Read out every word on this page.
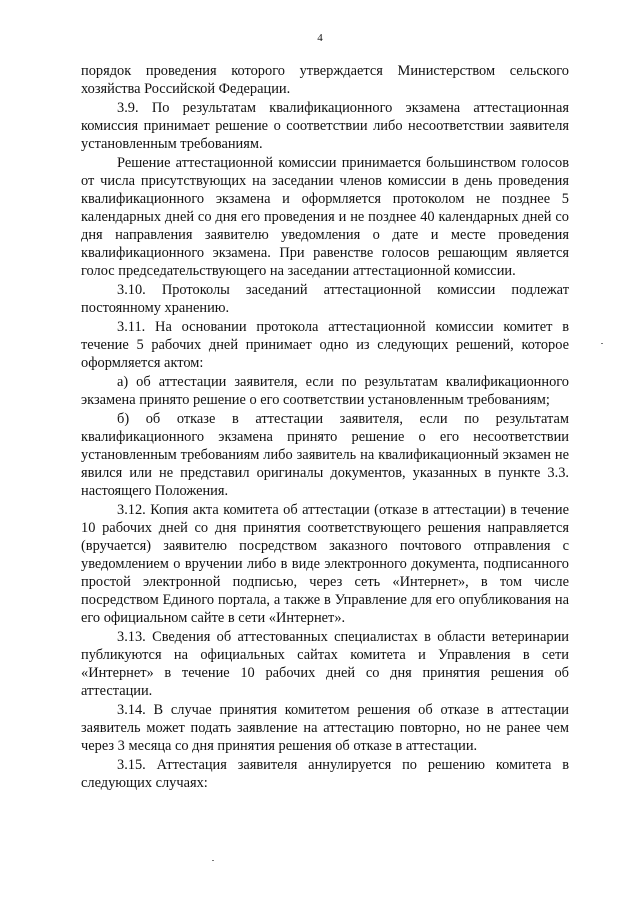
4

порядок проведения которого утверждается Министерством сельского хозяйства Российской Федерации.

3.9. По результатам квалификационного экзамена аттестационная комиссия принимает решение о соответствии либо несоответствии заявителя установленным требованиям.

Решение аттестационной комиссии принимается большинством голосов от числа присутствующих на заседании членов комиссии в день проведения квалификационного экзамена и оформляется протоколом не позднее 5 календарных дней со дня его проведения и не позднее 40 календарных дней со дня направления заявителю уведомления о дате и месте проведения квалификационного экзамена. При равенстве голосов решающим является голос председательствующего на заседании аттестационной комиссии.

3.10. Протоколы заседаний аттестационной комиссии подлежат постоянному хранению.

3.11. На основании протокола аттестационной комиссии комитет в течение 5 рабочих дней принимает одно из следующих решений, которое оформляется актом:

а) об аттестации заявителя, если по результатам квалификационного экзамена принято решение о его соответствии установленным требованиям;

б) об отказе в аттестации заявителя, если по результатам квалификационного экзамена принято решение о его несоответствии установленным требованиям либо заявитель на квалификационный экзамен не явился или не представил оригиналы документов, указанных в пункте 3.3. настоящего Положения.

3.12. Копия акта комитета об аттестации (отказе в аттестации) в течение 10 рабочих дней со дня принятия соответствующего решения направляется (вручается) заявителю посредством заказного почтового отправления с уведомлением о вручении либо в виде электронного документа, подписанного простой электронной подписью, через сеть «Интернет», в том числе посредством Единого портала, а также в Управление для его опубликования на его официальном сайте в сети «Интернет».

3.13. Сведения об аттестованных специалистах в области ветеринарии публикуются на официальных сайтах комитета и Управления в сети «Интернет» в течение 10 рабочих дней со дня принятия решения об аттестации.

3.14. В случае принятия комитетом решения об отказе в аттестации заявитель может подать заявление на аттестацию повторно, но не ранее чем через 3 месяца со дня принятия решения об отказе в аттестации.

3.15. Аттестация заявителя аннулируется по решению комитета в следующих случаях:
